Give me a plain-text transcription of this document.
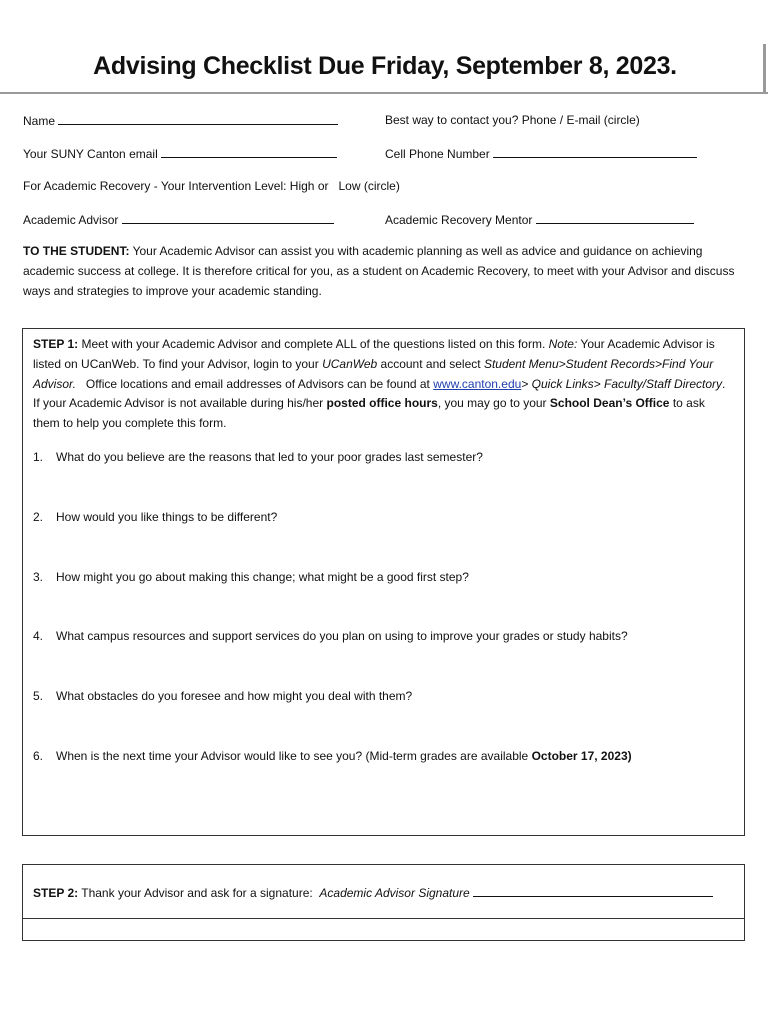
Advising Checklist Due Friday, September 8, 2023.
Name	Best way to contact you? Phone / E-mail (circle)
Your SUNY Canton email	Cell Phone Number
For Academic Recovery - Your Intervention Level: High or   Low (circle)
Academic Advisor	Academic Recovery Mentor
TO THE STUDENT: Your Academic Advisor can assist you with academic planning as well as advice and guidance on achieving academic success at college. It is therefore critical for you, as a student on Academic Recovery, to meet with your Advisor and discuss ways and strategies to improve your academic standing.
STEP 1: Meet with your Academic Advisor and complete ALL of the questions listed on this form. Note: Your Academic Advisor is listed on UCanWeb. To find your Advisor, login to your UCanWeb account and select Student Menu>Student Records>Find Your Advisor.   Office locations and email addresses of Advisors can be found at www.canton.edu> Quick Links> Faculty/Staff Directory. If your Academic Advisor is not available during his/her posted office hours, you may go to your School Dean’s Office to ask them to help you complete this form.
1. What do you believe are the reasons that led to your poor grades last semester?
2. How would you like things to be different?
3. How might you go about making this change; what might be a good first step?
4. What campus resources and support services do you plan on using to improve your grades or study habits?
5. What obstacles do you foresee and how might you deal with them?
6. When is the next time your Advisor would like to see you? (Mid-term grades are available October 17, 2023)
STEP 2: Thank your Advisor and ask for a signature:  Academic Advisor Signature
